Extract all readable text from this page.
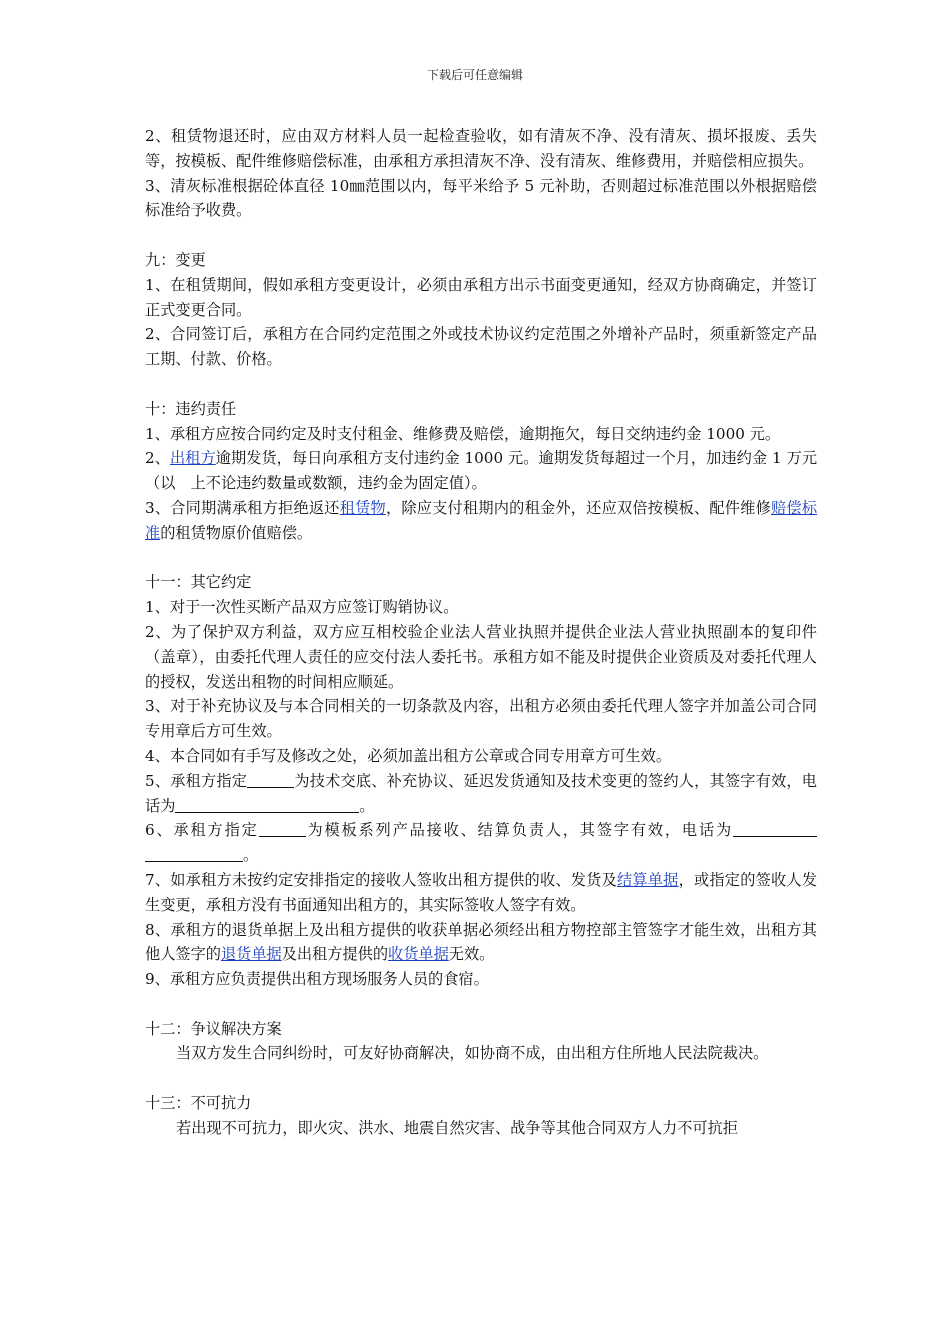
下载后可任意编辑

2、租赁物退还时，应由双方材料人员一起检查验收，如有清灰不净、没有清灰、损坏报废、丢失等，按模板、配件维修赔偿标准，由承租方承担清灰不净、没有清灰、维修费用，并赔偿相应损失。

3、清灰标准根据砼体直径 10㎜范围以内，每平米给予 5 元补助，否则超过标准范围以外根据赔偿标准给予收费。

九：变更

1、在租赁期间，假如承租方变更设计，必须由承租方出示书面变更通知，经双方协商确定，并签订正式变更合同。

2、合同签订后，承租方在合同约定范围之外或技术协议约定范围之外增补产品时，须重新签定产品工期、付款、价格。

十：违约责任

1、承租方应按合同约定及时支付租金、维修费及赔偿，逾期拖欠，每日交纳违约金 1000 元。

2、出租方逾期发货，每日向承租方支付违约金 1000 元。逾期发货每超过一个月，加违约金 1 万元（以　上不论违约数量或数额，违约金为固定值）。

3、合同期满承租方拒绝返还租赁物，除应支付租期内的租金外，还应双倍按模板、配件维修赔偿标准的租赁物原价值赔偿。

十一：其它约定

1、对于一次性买断产品双方应签订购销协议。

2、为了保护双方利益，双方应互相校验企业法人营业执照并提供企业法人营业执照副本的复印件（盖章），由委托代理人责任的应交付法人委托书。承租方如不能及时提供企业资质及对委托代理人的授权，发送出租物的时间相应顺延。

3、对于补充协议及与本合同相关的一切条款及内容，出租方必须由委托代理人签字并加盖公司合同专用章后方可生效。

4、本合同如有手写及修改之处，必须加盖出租方公章或合同专用章方可生效。

5、承租方指定	为技术交底、补充协议、延迟发货通知及技术变更的签约人，其签字有效，电话为	。

6、承租方指定	为模板系列产品接收、结算负责人，其签字有效，电话为。

7、如承租方未按约定安排指定的接收人签收出租方提供的收、发货及结算单据，或指定的签收人发生变更，承租方没有书面通知出租方的，其实际签收人签字有效。

8、承租方的退货单据上及出租方提供的收获单据必须经出租方物控部主管签字才能生效，出租方其他人签字的退货单据及出租方提供的收货单据无效。

9、承租方应负责提供出租方现场服务人员的食宿。

十二：争议解决方案

当双方发生合同纠纷时，可友好协商解决，如协商不成，由出租方住所地人民法院裁决。

十三：不可抗力

若出现不可抗力，即火灾、洪水、地震自然灾害、战争等其他合同双方人力不可抗拒
